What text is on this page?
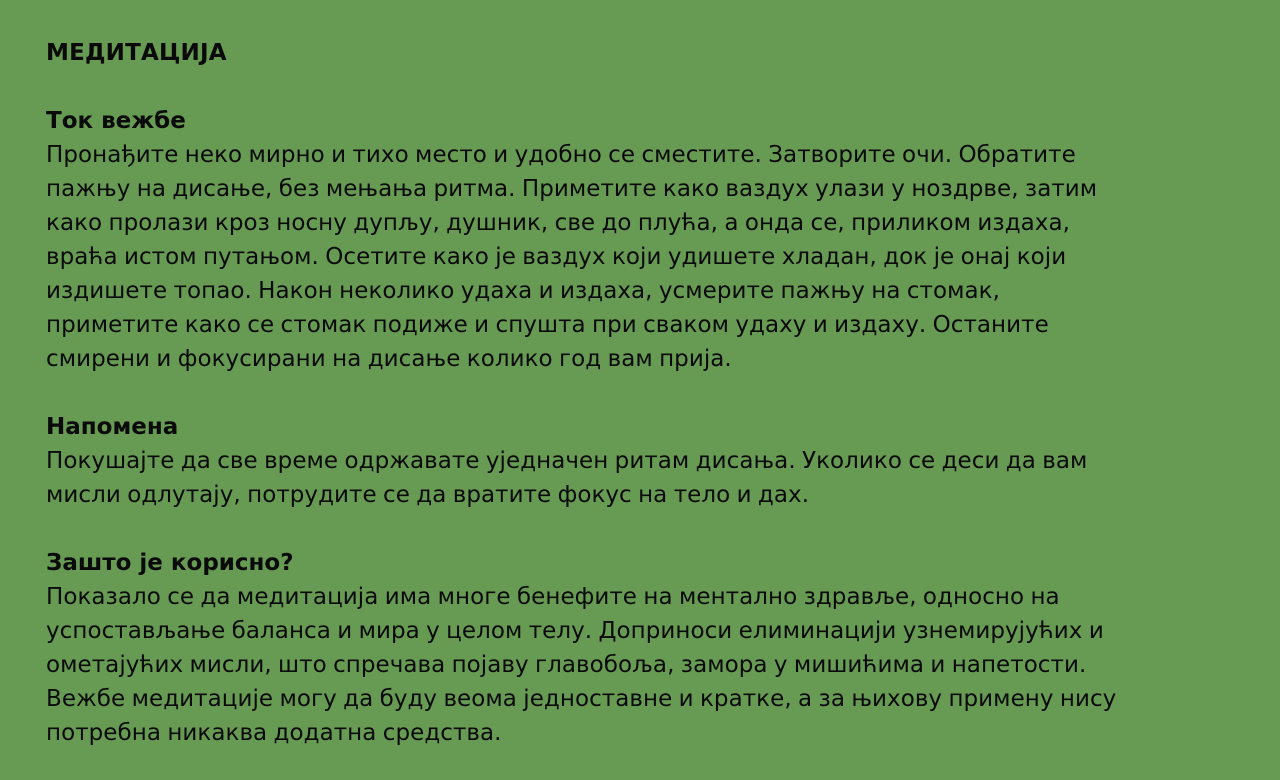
МЕДИТАЦИЈА
Ток вежбе

Пронађите неко мирно и тихо место и удобно се сместите. Затворите очи. Обратите
пажњу на дисање, без мењања ритма. Приметите како ваздух улази у ноздрве, затим
како пролази кроз носну дупљу, душник, све до плућа, а онда се, приликом издаха,
враћа истом путањом. Осетите како је ваздух који удишете хладан, док је онај који
издишете топао. Након неколико удаха и издаха, усмерите пажњу на стомак,
приметите како се стомак подиже и спушта при сваком удаху и издаху. Останите
смирени и фокусирани на дисање колико год вам прија.

Напомена

Покушајте да све време одржавате уједначен ритам дисања. Уколико се деси да вам
мисли одлутају, потрудите се да вратите фокус на тело и дах.

Зашто је корисно?

Показало се да медитација има многе бенефите на ментално здравље, односно на
успостављање баланса и мира у целом телу. Доприноси елиминацији узнемирујућих и
ометајућих мисли, што спречава појаву главобоља, замора у мишићима и напетости.
Вежбе медитације могу да буду веома једноставне и кратке, а за њихову примену нису
потребна никаква додатна средства.
